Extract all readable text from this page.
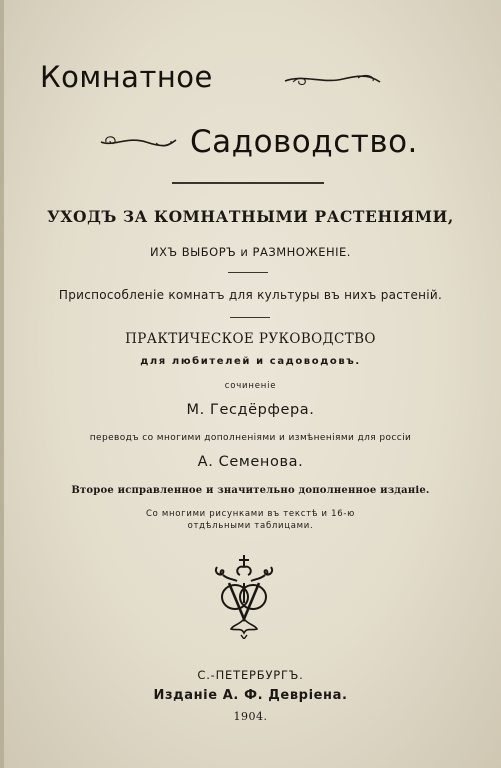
Комнатное
Садоводство.
УХОДЪ ЗА КОМНАТНЫМИ РАСТЕНІЯМИ,
ИХЪ ВЫБОРЪ и РАЗМНОЖЕНІЕ.
Приспособленіе комнатъ для культуры въ нихъ растеній.
ПРАКТИЧЕСКОЕ РУКОВОДСТВО
для любителей и садоводовъ.
сочиненіе
М. Гесдёрфера.
переводъ со многими дополненіями и измѣненіями для россіи
А. Семенова.
Второе исправленное и значительно дополненное изданіе.
Со многими рисунками въ текстѣ и 16-ю
отдѣльными таблицами.
С.-ПЕТЕРБУРГЪ.
Изданіе А. Ф. Девріена.
1904.
